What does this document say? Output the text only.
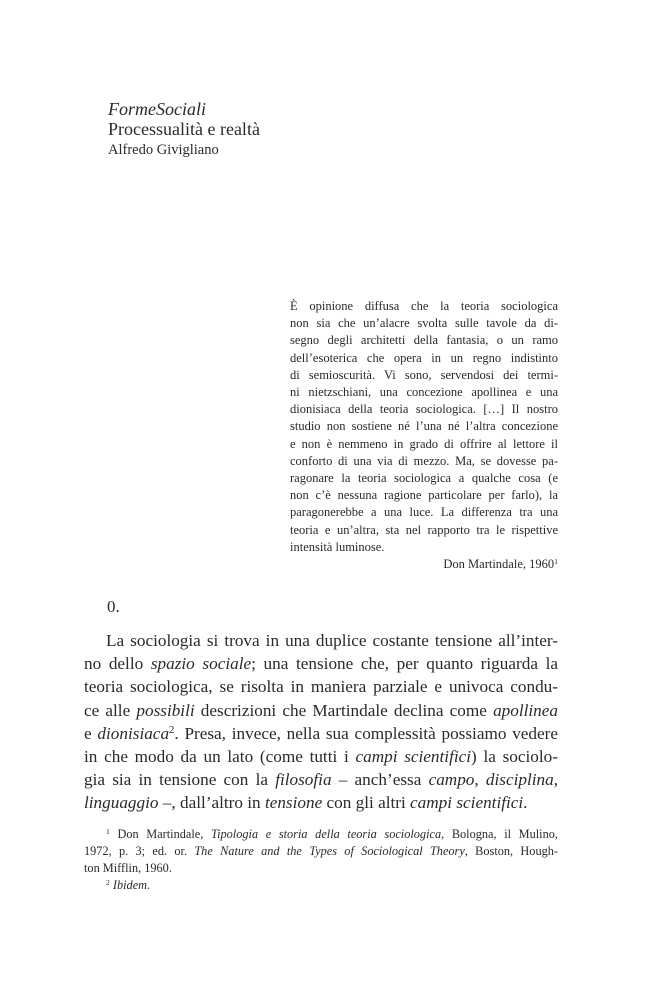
FormeSociali
Processualità e realtà
Alfredo Givigliano
È opinione diffusa che la teoria sociologica
non sia che un’alacre svolta sulle tavole da di-
segno degli architetti della fantasia, o un ramo
dell’esoterica che opera in un regno indistinto
di semioscurità. Vi sono, servendosi dei termi-
ni nietzschiani, una concezione apollinea e una
dionisiaca della teoria sociologica. […] Il nostro
studio non sostiene né l’una né l’altra concezione
e non è nemmeno in grado di offrire al lettore il
conforto di una via di mezzo. Ma, se dovesse pa-
ragonare la teoria sociologica a qualche cosa (e
non c’è nessuna ragione particolare per farlo), la
paragonerebbe a una luce. La differenza tra una
teoria e un’altra, sta nel rapporto tra le rispettive
intensità luminose.
Don Martindale, 1960$^1$
0.
La sociologia si trova in una duplice costante tensione all’inter-
no dello spazio sociale; una tensione che, per quanto riguarda la
teoria sociologica, se risolta in maniera parziale e univoca condu-
ce alle possibili descrizioni che Martindale declina come apollinea
e dionisiaca$^2$. Presa, invece, nella sua complessità possiamo vedere
in che modo da un lato (come tutti i campi scientifici) la sociolo-
gia sia in tensione con la filosofia – anch’essa campo, disciplina,
linguaggio –, dall’altro in tensione con gli altri campi scientifici.
$^1$ Don Martindale, Tipologia e storia della teoria sociologica, Bologna, il Mulino,
1972, p. 3; ed. or. The Nature and the Types of Sociological Theory, Boston, Hough-
ton Mifflin, 1960.
$^2$ Ibidem.
